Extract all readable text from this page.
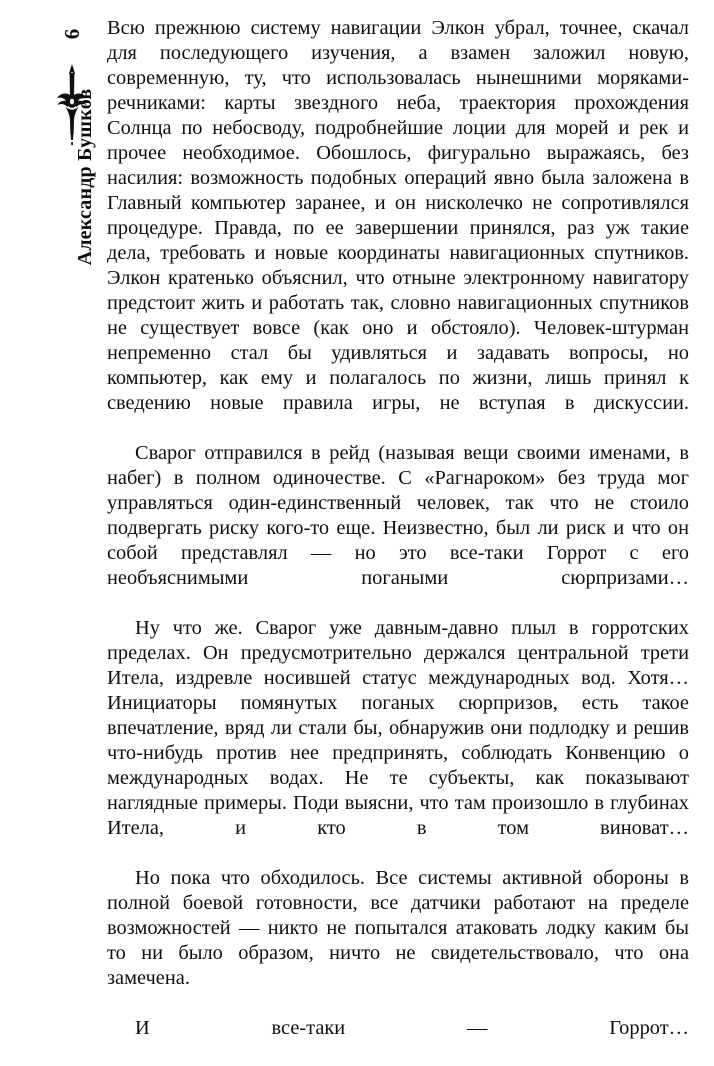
6
Александр Бушков

Всю прежнюю систему навигации Элкон убрал, точнее, скачал для последующего изучения, а взамен заложил новую, современную, ту, что использовалась нынешними моряками-речниками: карты звездного неба, траектория прохождения Солнца по небосводу, подробнейшие лоции для морей и рек и прочее необходимое. Обошлось, фигурально выражаясь, без насилия: возможность подобных операций явно была заложена в Главный компьютер заранее, и он нисколечко не сопротивлялся процедуре. Правда, по ее завершении принялся, раз уж такие дела, требовать и новые координаты навигационных спутников. Элкон кратенько объяснил, что отныне электронному навигатору предстоит жить и работать так, словно навигационных спутников не существует вовсе (как оно и обстояло). Человек-штурман непременно стал бы удивляться и задавать вопросы, но компьютер, как ему и полагалось по жизни, лишь принял к сведению новые правила игры, не вступая в дискуссии.

Сварог отправился в рейд (называя вещи своими именами, в набег) в полном одиночестве. С «Рагнароком» без труда мог управляться один-единственный человек, так что не стоило подвергать риску кого-то еще. Неизвестно, был ли риск и что он собой представлял — но это все-таки Горрот с его необъяснимыми погаными сюрпризами…

Ну что же. Сварог уже давным-давно плыл в горротских пределах. Он предусмотрительно держался центральной трети Итела, издревле носившей статус международных вод. Хотя… Инициаторы помянутых поганых сюрпризов, есть такое впечатление, вряд ли стали бы, обнаружив они подлодку и решив что-нибудь против нее предпринять, соблюдать Конвенцию о международных водах. Не те субъекты, как показывают наглядные примеры. Поди выясни, что там произошло в глубинах Итела, и кто в том виноват…

Но пока что обходилось. Все системы активной обороны в полной боевой готовности, все датчики работают на пределе возможностей — никто не попытался атаковать лодку каким бы то ни было образом, ничто не свидетельствовало, что она замечена.

И все-таки — Горрот…
